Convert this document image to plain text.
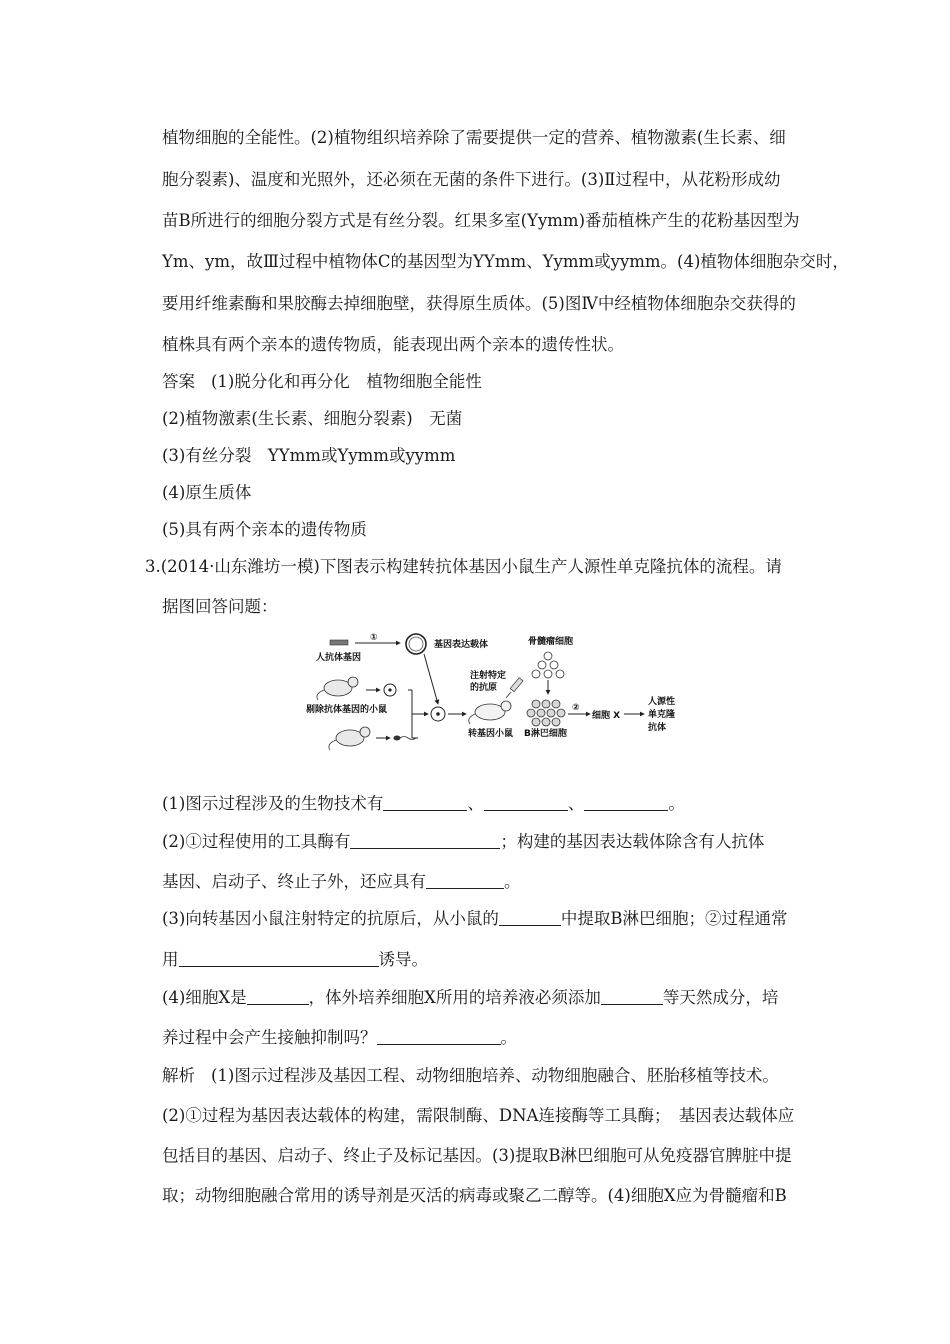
植物细胞的全能性。(2)植物组织培养除了需要提供一定的营养、植物激素(生长素、细
胞分裂素)、温度和光照外，还必须在无菌的条件下进行。(3)Ⅱ过程中，从花粉形成幼
苗B所进行的细胞分裂方式是有丝分裂。红果多室(Yymm)番茄植株产生的花粉基因型为
Ym、ym，故Ⅲ过程中植物体C的基因型为YYmm、Yymm或yymm。(4)植物体细胞杂交时，
要用纤维素酶和果胶酶去掉细胞壁，获得原生质体。(5)图Ⅳ中经植物体细胞杂交获得的
植株具有两个亲本的遗传物质，能表现出两个亲本的遗传性状。
答案 (1)脱分化和再分化　植物细胞全能性
(2)植物激素(生长素、细胞分裂素)　无菌
(3)有丝分裂　YYmm或Yymm或yymm
(4)原生质体
(5)具有两个亲本的遗传物质
3.(2014·山东潍坊一模)下图表示构建转抗体基因小鼠生产人源性单克隆抗体的流程。请
据图回答问题：
人抗体基因
①
基因表达载体
剔除抗体基因的小鼠
注射特定
的抗原
转基因小鼠
骨髓瘤细胞
B淋巴细胞
②
细胞 X
人源性
单克隆
抗体
(1)图示过程涉及的生物技术有	、	、	。
(2)①过程使用的工具酶有	；构建的基因表达载体除含有人抗体
基因、启动子、终止子外，还应具有	。
(3)向转基因小鼠注射特定的抗原后，从小鼠的	中提取B淋巴细胞；②过程通常
用	诱导。
(4)细胞X是	，体外培养细胞X所用的培养液必须添加	等天然成分，培
养过程中会产生接触抑制吗？	。
解析 (1)图示过程涉及基因工程、动物细胞培养、动物细胞融合、胚胎移植等技术。
(2)①过程为基因表达载体的构建，需限制酶、DNA连接酶等工具酶；　基因表达载体应
包括目的基因、启动子、终止子及标记基因。(3)提取B淋巴细胞可从免疫器官脾脏中提
取；动物细胞融合常用的诱导剂是灭活的病毒或聚乙二醇等。(4)细胞X应为骨髓瘤和B
